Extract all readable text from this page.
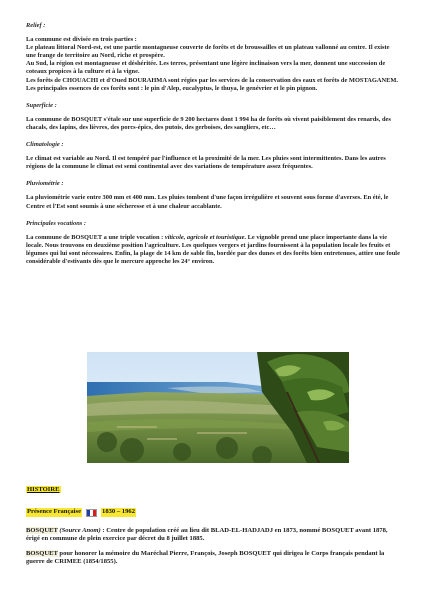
Relief :

La commune est divisée en trois parties :

Le plateau littoral Nord-est, est une partie montagneuse couverte de forêts et de broussailles et un plateau vallonné au centre. Il existe une frange de territoire au Nord, riche et prospère.

Au Sud, la région est montagneuse et déshéritée. Les terres, présentant une légère inclinaison vers la mer, donnent une succession de coteaux propices à la culture et à la vigne.

Les forêts de CHOUACHI et d'Oued BOURAHMA sont régies par les services de la conservation des eaux et forêts de MOSTAGANEM. Les principales essences de ces forêts sont : le pin d'Alep, eucalyptus, le thuya, le genévrier et le pin pignon.

Superficie :

La commune de BOSQUET s'étale sur une superficie de 9 200 hectares dont 1 994 ha de forêts où vivent paisiblement des renards, des chacals, des lapins, des lièvres, des porcs-épics, des putois, des gerboises, des sangliers, etc…

Climatologie :

Le climat est variable au Nord. Il est tempéré par l'influence et la proximité de la mer. Les pluies sont intermittentes. Dans les autres régions de la commune le climat est semi continental avec des variations de température assez fréquentes.

Pluviométrie :

La pluviométrie varie entre 300 mm et 400 mm. Les pluies tombent d'une façon irrégulière et souvent sous forme d'averses. En été, le Centre et l'Est sont soumis à une sécheresse et à une chaleur accablante.

Principales vocations :

La commune de BOSQUET a une triple vocation : viticole, agricole et touristique. Le vignoble prend une place importante dans la vie locale. Nous trouvons en deuxième position l'agriculture. Les quelques vergers et jardins fournissent à la population locale les fruits et légumes qui lui sont nécessaires. Enfin, la plage de 14 km de sable fin, bordée par des dunes et des forêts bien entretenues, attire une foule considérable d'estivants dès que le mercure approche les 24° environ.

HISTOIRE
Présence Française	1830 – 1962
BOSQUET (Source Anom) : Centre de population créé au lieu dit BLAD-EL-HADJADJ en 1873, nommé BOSQUET avant 1878, érigé en commune de plein exercice par décret du 8 juillet 1885.
BOSQUET pour honorer la mémoire du Maréchal Pierre, François, Joseph BOSQUET qui dirigea le Corps français pendant la guerre de CRIMEE (1854/1855).
